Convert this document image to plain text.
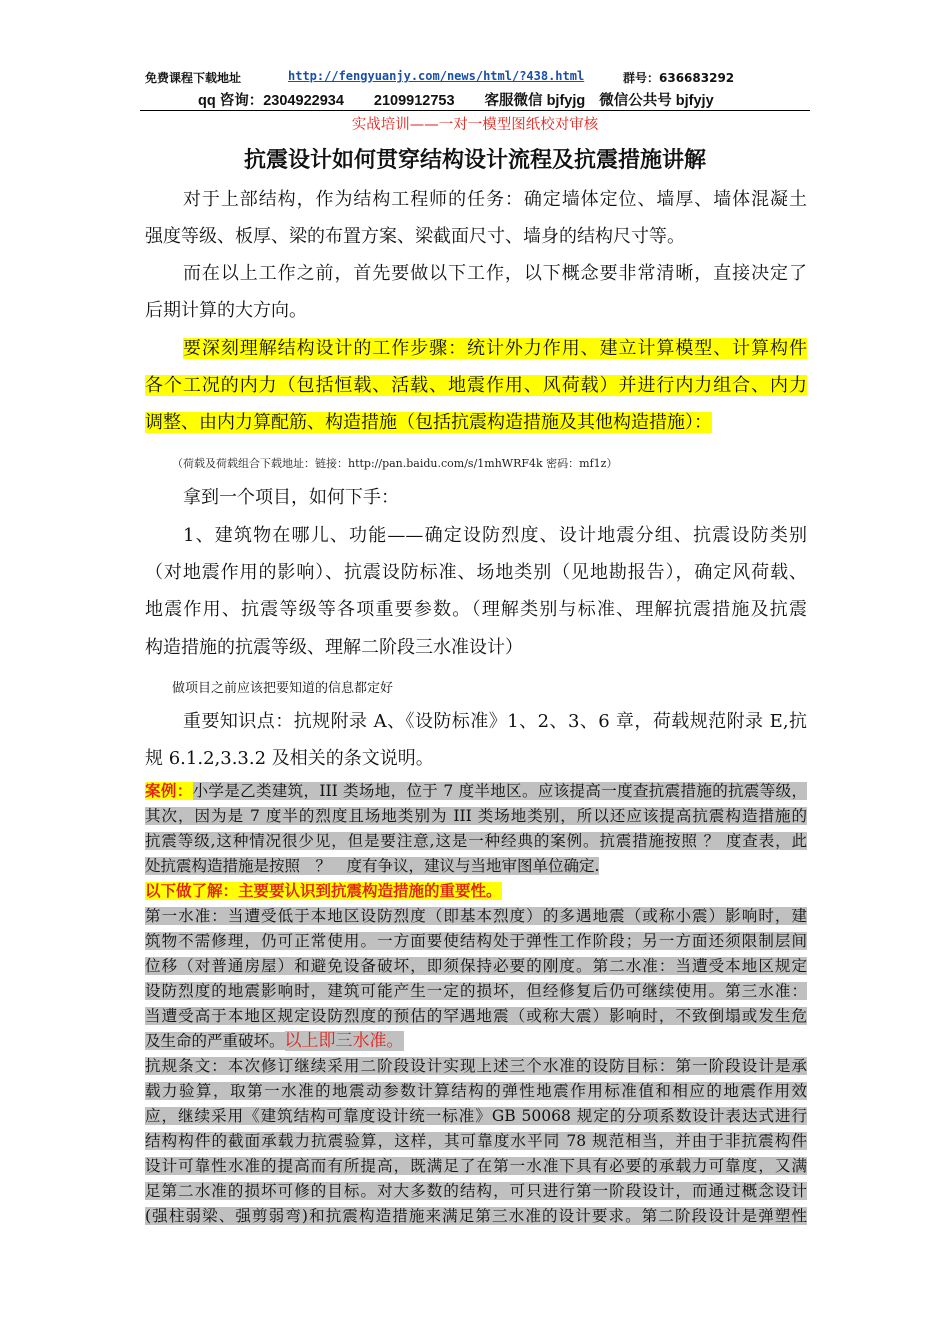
免费课程下载地址	http://fengyuanjy.com/news/html/?438.html	群号：636683292
qq 咨询：2304922934 2109912753 客服微信 bjfyjg 微信公共号 bjfyjy
实战培训——一对一模型图纸校对审核
抗震设计如何贯穿结构设计流程及抗震措施讲解
对于上部结构，作为结构工程师的任务：确定墙体定位、墙厚、墙体混凝土
强度等级、板厚、梁的布置方案、梁截面尺寸、墙身的结构尺寸等。
而在以上工作之前，首先要做以下工作，以下概念要非常清晰，直接决定了
后期计算的大方向。
要深刻理解结构设计的工作步骤：统计外力作用、建立计算模型、计算构件
各个工况的内力（包括恒载、活载、地震作用、风荷载）并进行内力组合、内力
调整、由内力算配筋、构造措施（包括抗震构造措施及其他构造措施）：
（荷载及荷载组合下载地址：链接：http://pan.baidu.com/s/1mhWRF4k 密码：mf1z）
拿到一个项目，如何下手：
1、建筑物在哪儿、功能——确定设防烈度、设计地震分组、抗震设防类别
（对地震作用的影响）、抗震设防标准、场地类别（见地勘报告），确定风荷载、
地震作用、抗震等级等各项重要参数。（理解类别与标准、理解抗震措施及抗震
构造措施的抗震等级、理解二阶段三水准设计）
做项目之前应该把要知道的信息都定好
重要知识点：抗规附录 A、《设防标准》1、2、3、6 章，荷载规范附录 E,抗
规 6.1.2,3.3.2 及相关的条文说明。
案例：小学是乙类建筑，III 类场地，位于 7 度半地区。应该提高一度查抗震措施的抗震等级，
其次，因为是 7 度半的烈度且场地类别为 III 类场地类别，所以还应该提高抗震构造措施的
抗震等级,这种情况很少见，但是要注意,这是一种经典的案例。抗震措施按照 ？ 度查表，此
处抗震构造措施是按照　？　度有争议，建议与当地审图单位确定.
以下做了解：主要要认识到抗震构造措施的重要性。
第一水准：当遭受低于本地区设防烈度（即基本烈度）的多遇地震（或称小震）影响时，建
筑物不需修理，仍可正常使用。一方面要使结构处于弹性工作阶段；另一方面还须限制层间
位移（对普通房屋）和避免设备破坏，即须保持必要的刚度。第二水准：当遭受本地区规定
设防烈度的地震影响时，建筑可能产生一定的损坏，但经修复后仍可继续使用。第三水准：
当遭受高于本地区规定设防烈度的预估的罕遇地震（或称大震）影响时，不致倒塌或发生危
及生命的严重破坏。以上即三水准。
抗规条文：本次修订继续采用二阶段设计实现上述三个水准的设防目标：第一阶段设计是承
载力验算，取第一水准的地震动参数计算结构的弹性地震作用标准值和相应的地震作用效
应，继续采用《建筑结构可靠度设计统一标准》GB 50068 规定的分项系数设计表达式进行
结构构件的截面承载力抗震验算，这样，其可靠度水平同 78 规范相当，并由于非抗震构件
设计可靠性水准的提高而有所提高，既满足了在第一水准下具有必要的承载力可靠度，又满
足第二水准的损坏可修的目标。对大多数的结构，可只进行第一阶段设计，而通过概念设计
(强柱弱梁、强剪弱弯)和抗震构造措施来满足第三水准的设计要求。第二阶段设计是弹塑性
